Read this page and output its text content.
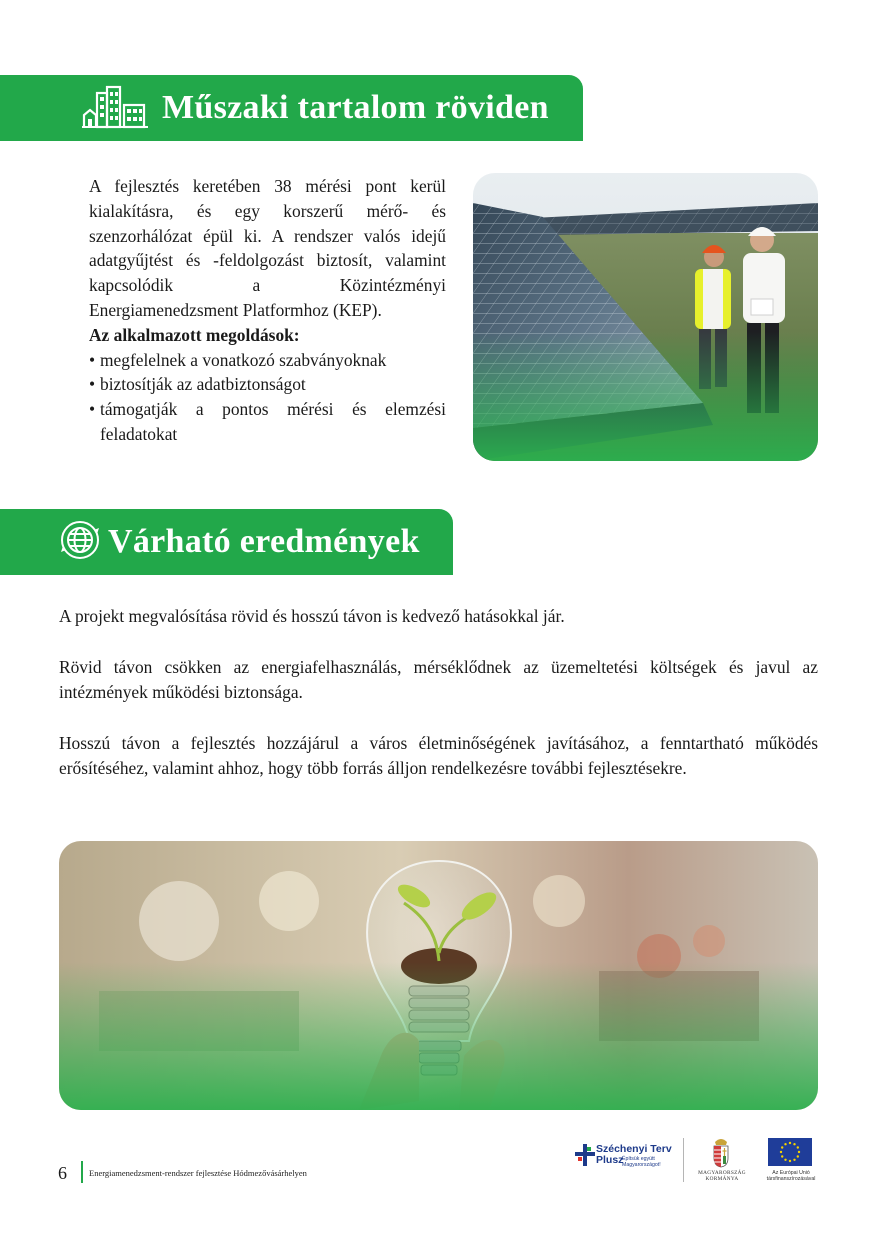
Műszaki tartalom röviden

A fejlesztés keretében 38 mérési pont kerül kialakításra, és egy korszerű mérő- és szenzorhálózat épül ki. A rendszer valós idejű adatgyűjtést és -feldolgozást biztosít, valamint kapcsolódik a Közintézményi Energiamenedzsment Platformhoz (KEP).

Az alkalmazott megoldások:

• megfelelnek a vonatkozó szabványoknak
• biztosítják az adatbiztonságot
• támogatják a pontos mérési és elemzési feladatokat
Várható eredmények

A projekt megvalósítása rövid és hosszú távon is kedvező hatásokkal jár.

Rövid távon csökken az energiafelhasználás, mérséklődnek az üzemeltetési költségek és javul az intézmények működési biztonsága.

Hosszú távon a fejlesztés hozzájárul a város életminőségének javításához, a fenntartható működés erősítéséhez, valamint ahhoz, hogy több forrás álljon rendelkezésre további fejlesztésekre.

6	Energiamenedzsment-rendszer fejlesztése Hódmezővásárhelyen
Széchenyi Terv
Plusz
Építsük együtt
Magyarországot!
MAGYARORSZÁG
KORMÁNYA
Az Európai Unió
társfinanszírozásával
